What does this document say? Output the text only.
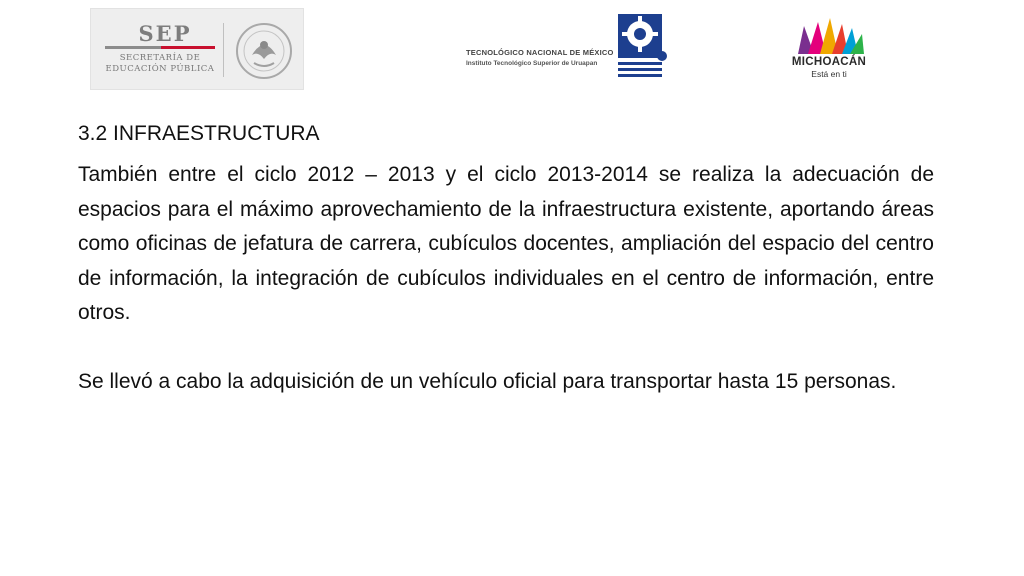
SEP
SECRETARÍA DE
EDUCACIÓN PÚBLICA
TECNOLÓGICO NACIONAL DE MÉXICO
Instituto Tecnológico Superior de Uruapan	MICHOACÁN
Está en ti
3.2 INFRAESTRUCTURA

También entre el ciclo 2012 – 2013 y el ciclo 2013-2014 se realiza la adecuación de espacios para el máximo aprovechamiento de la infraestructura existente, aportando áreas como oficinas de jefatura de carrera, cubículos docentes, ampliación del espacio del centro de información, la integración de cubículos individuales en el centro de información, entre otros.

Se llevó a cabo la adquisición de un vehículo oficial para transportar hasta 15 personas.
